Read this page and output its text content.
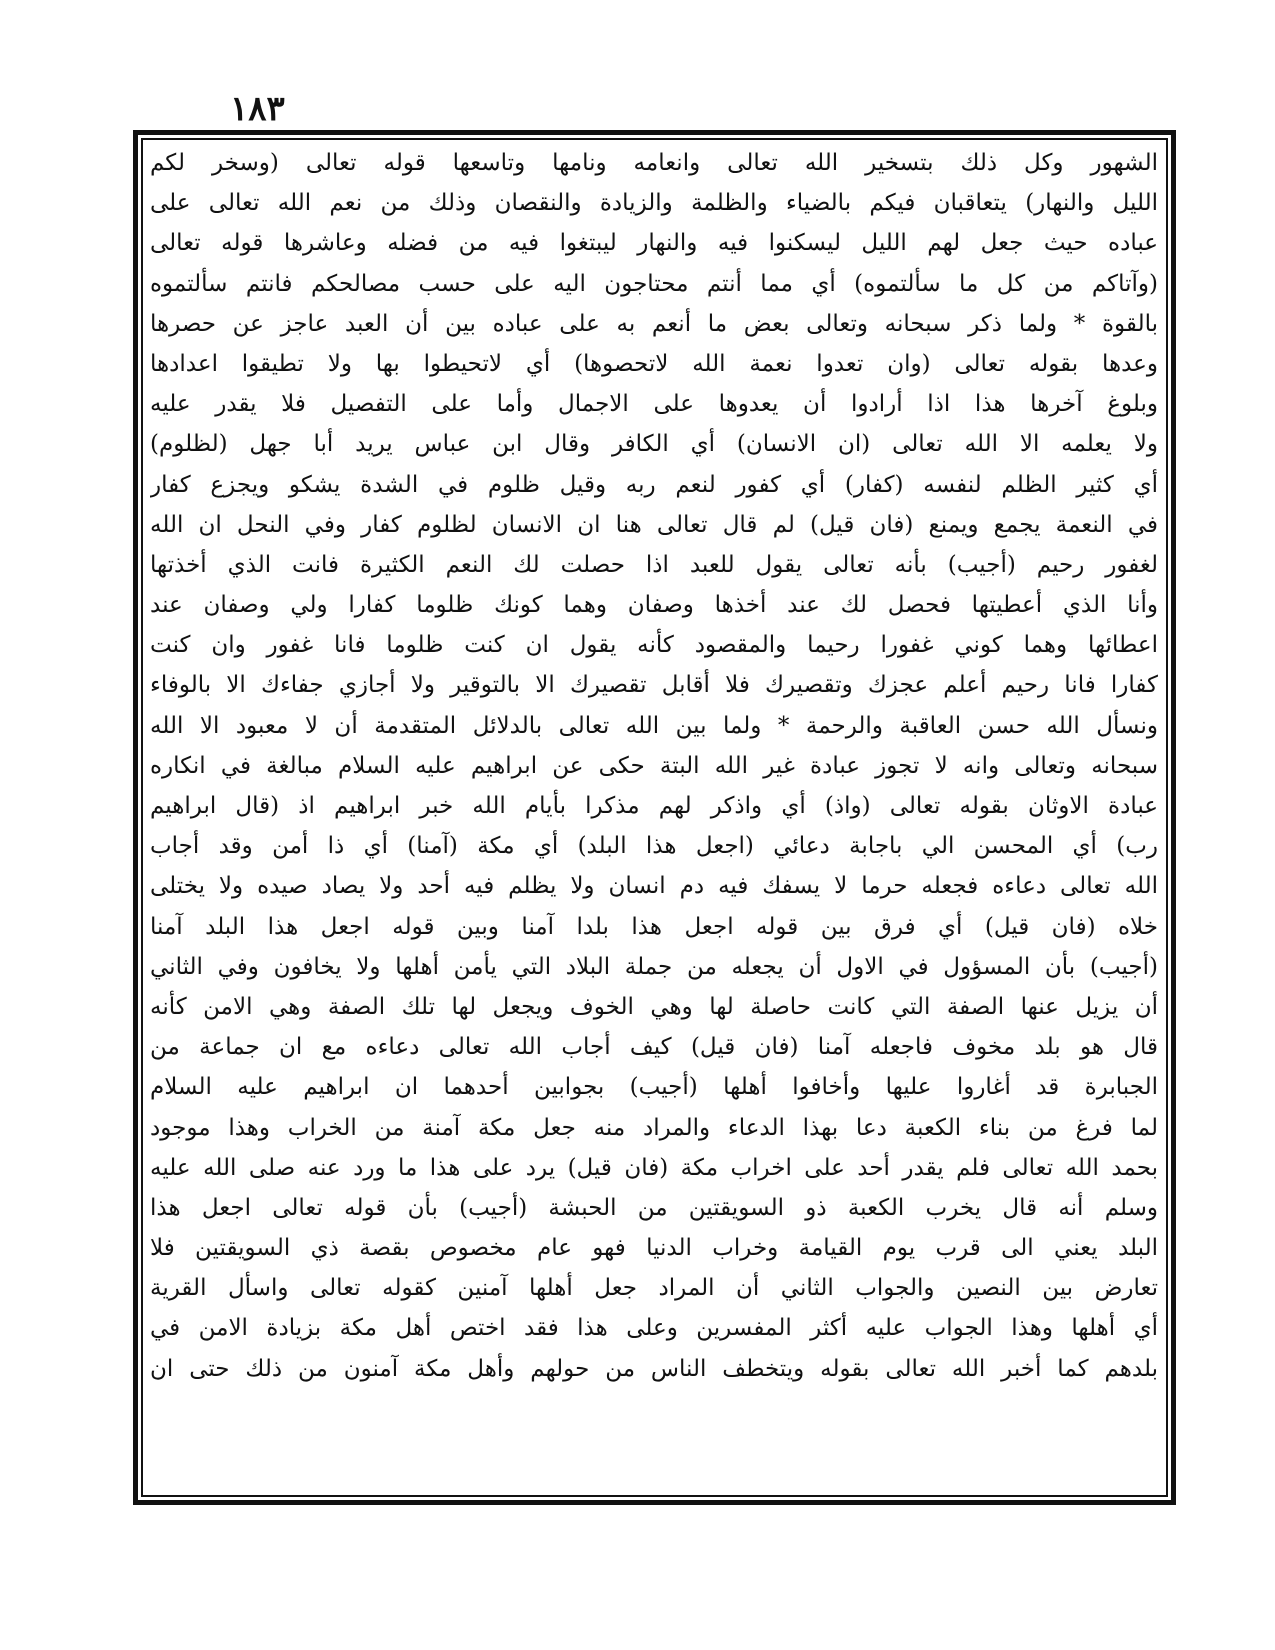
١٨٣
الشهور وكل ذلك بتسخير الله تعالى وانعامه ونامها وتاسعها قوله تعالى (وسخر لكم
الليل والنهار) يتعاقبان فيكم بالضياء والظلمة والزيادة والنقصان وذلك من نعم الله تعالى على
عباده حيث جعل لهم الليل ليسكنوا فيه والنهار ليبتغوا فيه من فضله وعاشرها قوله تعالى
(وآتاكم من كل ما سألتموه) أي مما أنتم محتاجون اليه على حسب مصالحكم فانتم سألتموه
بالقوة * ولما ذكر سبحانه وتعالى بعض ما أنعم به على عباده بين أن العبد عاجز عن حصرها
وعدها بقوله تعالى (وان تعدوا نعمة الله لاتحصوها) أي لاتحيطوا بها ولا تطيقوا اعدادها
وبلوغ آخرها هذا اذا أرادوا أن يعدوها على الاجمال وأما على التفصيل فلا يقدر عليه
ولا يعلمه الا الله تعالى (ان الانسان) أي الكافر وقال ابن عباس يريد أبا جهل (لظلوم)
أي كثير الظلم لنفسه (كفار) أي كفور لنعم ربه وقيل ظلوم في الشدة يشكو ويجزع كفار
في النعمة يجمع ويمنع (فان قيل) لم قال تعالى هنا ان الانسان لظلوم كفار وفي النحل ان الله
لغفور رحيم (أجيب) بأنه تعالى يقول للعبد اذا حصلت لك النعم الكثيرة فانت الذي أخذتها
وأنا الذي أعطيتها فحصل لك عند أخذها وصفان وهما كونك ظلوما كفارا ولي وصفان عند
اعطائها وهما كوني غفورا رحيما والمقصود كأنه يقول ان كنت ظلوما فانا غفور وان كنت
كفارا فانا رحيم أعلم عجزك وتقصيرك فلا أقابل تقصيرك الا بالتوقير ولا أجازي جفاءك الا بالوفاء
ونسأل الله حسن العاقبة والرحمة * ولما بين الله تعالى بالدلائل المتقدمة أن لا معبود الا الله
سبحانه وتعالى وانه لا تجوز عبادة غير الله البتة حكى عن ابراهيم عليه السلام مبالغة في انكاره
عبادة الاوثان بقوله تعالى (واذ) أي واذكر لهم مذكرا بأيام الله خبر ابراهيم اذ (قال ابراهيم
رب) أي المحسن الي باجابة دعائي (اجعل هذا البلد) أي مكة (آمنا) أي ذا أمن وقد أجاب
الله تعالى دعاءه فجعله حرما لا يسفك فيه دم انسان ولا يظلم فيه أحد ولا يصاد صيده ولا يختلى
خلاه (فان قيل) أي فرق بين قوله اجعل هذا بلدا آمنا وبين قوله اجعل هذا البلد آمنا
(أجيب) بأن المسؤول في الاول أن يجعله من جملة البلاد التي يأمن أهلها ولا يخافون وفي الثاني
أن يزيل عنها الصفة التي كانت حاصلة لها وهي الخوف ويجعل لها تلك الصفة وهي الامن كأنه
قال هو بلد مخوف فاجعله آمنا (فان قيل) كيف أجاب الله تعالى دعاءه مع ان جماعة من
الجبابرة قد أغاروا عليها وأخافوا أهلها (أجيب) بجوابين أحدهما ان ابراهيم عليه السلام
لما فرغ من بناء الكعبة دعا بهذا الدعاء والمراد منه جعل مكة آمنة من الخراب وهذا موجود
بحمد الله تعالى فلم يقدر أحد على اخراب مكة (فان قيل) يرد على هذا ما ورد عنه صلى الله عليه
وسلم أنه قال يخرب الكعبة ذو السويقتين من الحبشة (أجيب) بأن قوله تعالى اجعل هذا
البلد يعني الى قرب يوم القيامة وخراب الدنيا فهو عام مخصوص بقصة ذي السويقتين فلا
تعارض بين النصين والجواب الثاني أن المراد جعل أهلها آمنين كقوله تعالى واسأل القرية
أي أهلها وهذا الجواب عليه أكثر المفسرين وعلى هذا فقد اختص أهل مكة بزيادة الامن في
بلدهم كما أخبر الله تعالى بقوله ويتخطف الناس من حولهم وأهل مكة آمنون من ذلك حتى ان
